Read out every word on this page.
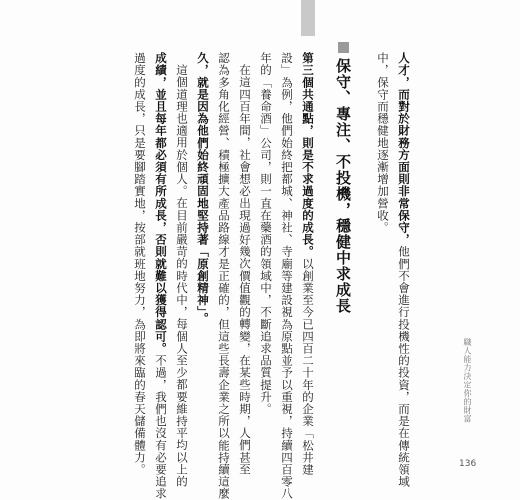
保守、專注、不投機，穩健中求成長	人才，而對於財務方面則非常保守，他們不會進行投機性的投資，而是在傳統領域
中，保守而穩健地逐漸增加營收。
第三個共通點，則是不求過度的成長。以創業至今已四百二十年的企業「松井建
設」為例，他們始終把都城、神社、寺廟等建設視為原點並予以重視，持續四百零八
年的「養命酒」公司，則一直在藥酒的領域中，不斷追求品質提升。
在這四百年間，社會想必出現過好幾次價值觀的轉變，在某些時期，人們甚至
認為多角化經營、積極擴大產品路線才是正確的，但這些長壽企業之所以能持續這麼
久，就是因為他們始終頑固地堅持著「原創精神」。
這個道理也適用於個人。在目前嚴苛的時代中，每個人至少都要維持平均以上的
成績，並且每年都必須有所成長，否則就難以獲得認可。不過，我們也沒有必要追求
過度的成長，只是要腳踏實地，按部就班地努力，為即將來臨的春天儲備體力。	職人能力決定你的財富
136
